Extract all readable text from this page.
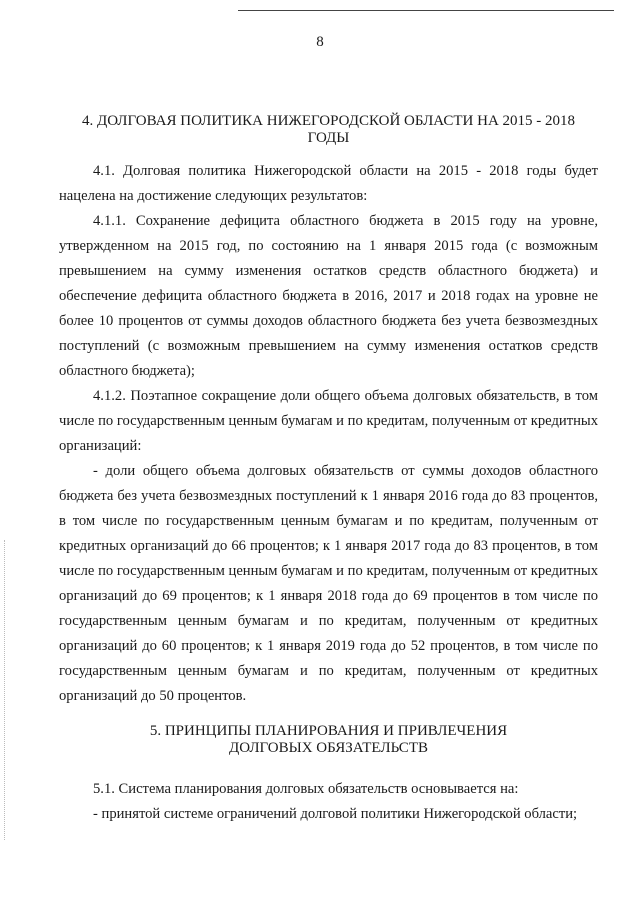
8
4. ДОЛГОВАЯ ПОЛИТИКА НИЖЕГОРОДСКОЙ ОБЛАСТИ НА 2015 - 2018
ГОДЫ

4.1. Долговая политика Нижегородской области на 2015 - 2018 годы будет нацелена на достижение следующих результатов:

4.1.1. Сохранение дефицита областного бюджета в 2015 году на уровне, утвержденном на 2015 год, по состоянию на 1 января 2015 года (с возможным превышением на сумму изменения остатков средств областного бюджета) и обеспечение дефицита областного бюджета в 2016, 2017 и 2018 годах на уровне не более 10 процентов от суммы доходов областного бюджета без учета безвозмездных поступлений (с возможным превышением на сумму изменения остатков средств областного бюджета);

4.1.2. Поэтапное сокращение доли общего объема долговых обязательств, в том числе по государственным ценным бумагам и по кредитам, полученным от кредитных организаций:

- доли общего объема долговых обязательств от суммы доходов областного бюджета без учета безвозмездных поступлений к 1 января 2016 года до 83 процентов, в том числе по государственным ценным бумагам и по кредитам, полученным от кредитных организаций до 66 процентов; к 1 января 2017 года до 83 процентов, в том числе по государственным ценным бумагам и по кредитам, полученным от кредитных организаций до 69 процентов; к 1 января 2018 года до 69 процентов в том числе по государственным ценным бумагам и по кредитам, полученным от кредитных организаций до 60 процентов; к 1 января 2019 года до 52 процентов, в том числе по государственным ценным бумагам и по кредитам, полученным от кредитных организаций до 50 процентов.

5. ПРИНЦИПЫ ПЛАНИРОВАНИЯ И ПРИВЛЕЧЕНИЯ
ДОЛГОВЫХ ОБЯЗАТЕЛЬСТВ

5.1. Система планирования долговых обязательств основывается на:

- принятой системе ограничений долговой политики Нижегородской области;
